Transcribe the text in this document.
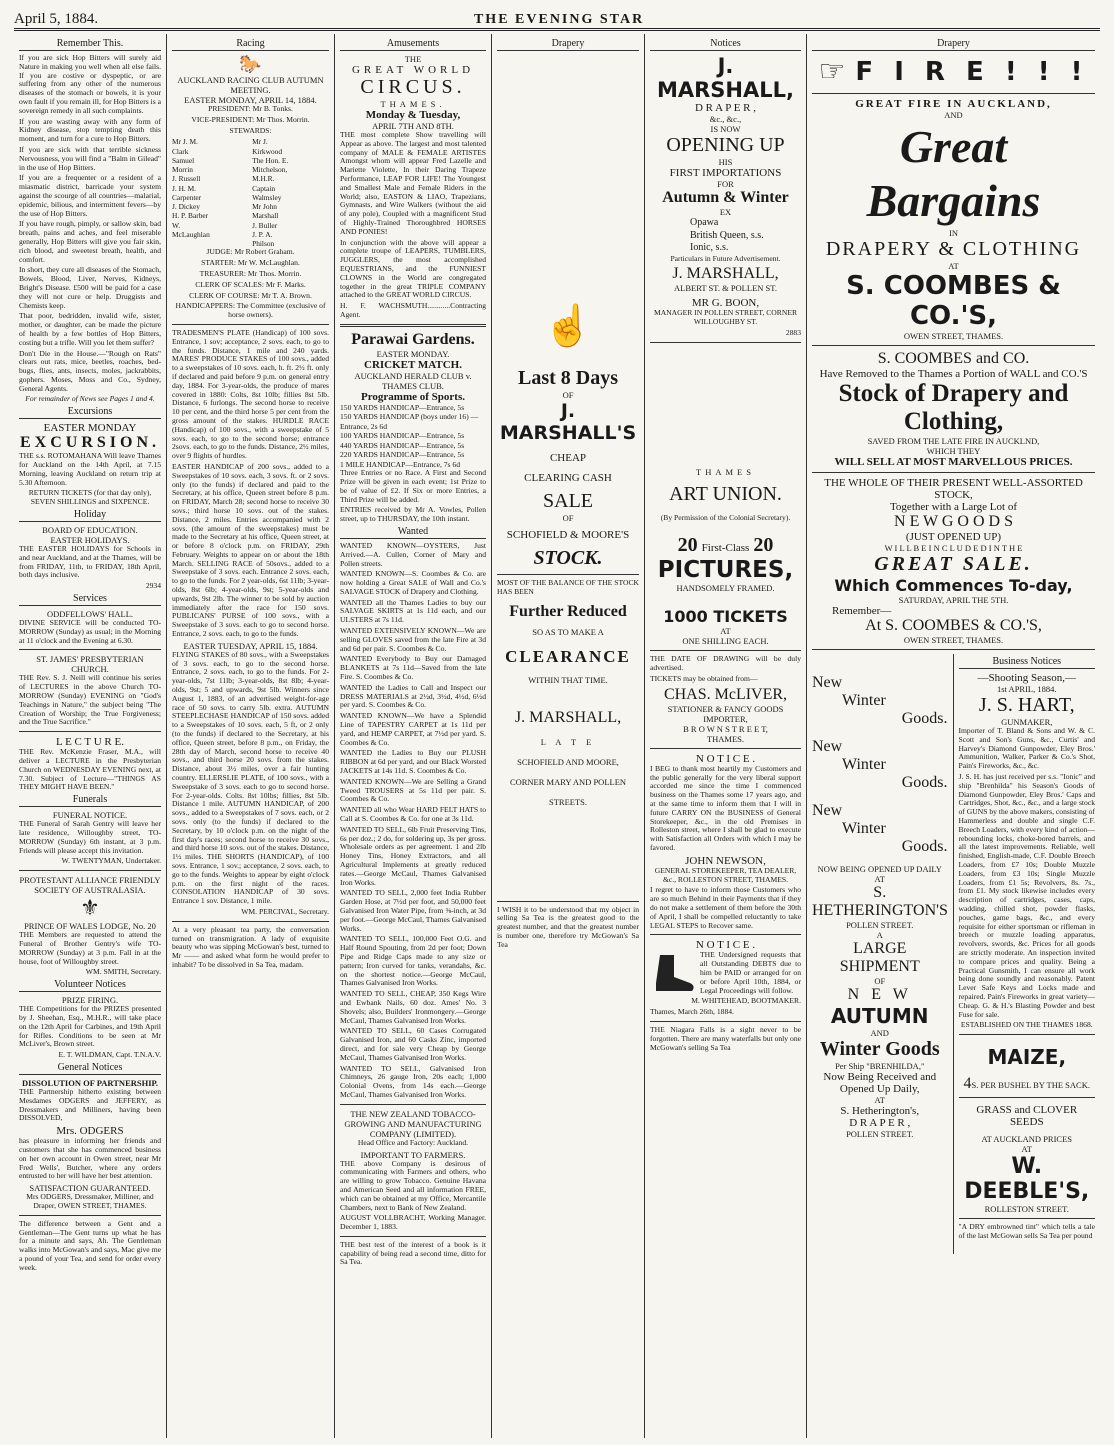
April 5, 1884.	THE EVENING STAR
Remember This.

If you are sick Hop Bitters will surely aid Nature in making you well when all else fails. If you are costive or dyspeptic, or are suffering from any other of the numerous diseases of the stomach or bowels, it is your own fault if you remain ill, for Hop Bitters is a sovereign remedy in all such complaints.

If you are wasting away with any form of Kidney disease, stop tempting death this moment, and turn for a cure to Hop Bitters.

If you are sick with that terrible sickness Nervousness, you will find a "Balm in Gilead" in the use of Hop Bitters.

If you are a frequenter or a resident of a miasmatic district, barricade your system against the scourge of all countries—malarial, epidemic, bilious, and intermittent fevers—by the use of Hop Bitters.

If you have rough, pimply, or sallow skin, bad breath, pains and aches, and feel miserable generally, Hop Bitters will give you fair skin, rich blood, and sweetest breath, health, and comfort.

In short, they cure all diseases of the Stomach, Bowels, Blood, Liver, Nerves, Kidneys, Bright's Disease. £500 will be paid for a case they will not cure or help. Druggists and Chemists keep.

That poor, bedridden, invalid wife, sister, mother, or daughter, can be made the picture of health by a few bottles of Hop Bitters, costing but a trifle. Will you let them suffer?

Don't Die in the House.—"Rough on Rats" clears out rats, mice, beetles, roaches, bed-bugs, flies, ants, insects, moles, jackrabbits, gophers. Moses, Moss and Co., Sydney, General Agents.

For remainder of News see Pages 1 and 4.

Excursions
EASTER MONDAY
EXCURSION.

THE s.s. ROTOMAHANA Will leave Thames for Auckland on the 14th April, at 7.15 Morning, leaving Auckland on return trip at 5.30 Afternoon.

RETURN TICKETS (for that day only), SEVEN SHILLINGS and SIXPENCE.

Holiday
BOARD OF EDUCATION.
EASTER HOLIDAYS.

THE EASTER HOLIDAYS for Schools in and near Auckland, and at the Thames, will be from FRIDAY, 11th, to FRIDAY, 18th April, both days inclusive.

2934

Services
ODDFELLOWS' HALL.

DIVINE SERVICE will be conducted TO-MORROW (Sunday) as usual; in the Morning at 11 o'clock and the Evening at 6.30.

ST. JAMES' PRESBYTERIAN CHURCH.

THE Rev. S. J. Neill will continue his series of LECTURES in the above Church TO-MORROW (Sunday) EVENING on "God's Teachings in Nature," the subject being "The Creation of Worship; the True Forgiveness; and the True Sacrifice."

L E C T U R E.

THE Rev. McKenzie Fraser, M.A., will deliver a LECTURE in the Presbyterian Church on WEDNESDAY EVENING next, at 7.30. Subject of Lecture—"THINGS AS THEY MIGHT HAVE BEEN."

Funerals
FUNERAL NOTICE.

THE Funeral of Sarah Gentry will leave her late residence, Willoughby street, TO-MORROW (Sunday) 6th instant, at 3 p.m. Friends will please accept this invitation.

W. TWENTYMAN, Undertaker.

PROTESTANT ALLIANCE FRIENDLY SOCIETY OF AUSTRALASIA.
⚜
PRINCE OF WALES LODGE, No. 20

THE Members are requested to attend the Funeral of Brother Gentry's wife TO-MORROW (Sunday) at 3 p.m. Fall in at the house, foot of Willoughby street.

WM. SMITH, Secretary.

Volunteer Notices
PRIZE FIRING.

THE Competitions for the PRIZES presented by J. Sheehan, Esq., M.H.R., will take place on the 12th April for Carbines, and 19th April for Rifles. Conditions to be seen at Mr McLiver's, Brown street.

E. T. WILDMAN, Capt. T.N.A.V.

General Notices
DISSOLUTION OF PARTNERSHIP.

THE Partnership hitherto existing between Mesdames ODGERS and JEFFERY, as Dressmakers and Milliners, having been DISSOLVED,

Mrs. ODGERS

has pleasure in informing her friends and customers that she has commenced business on her own account in Owen street, near Mr Fred Wells', Butcher, where any orders entrusted to her will have her best attention.

SATISFACTION GUARANTEED.

Mrs ODGERS, Dressmaker, Milliner, and Draper, OWEN STREET, THAMES.

The difference between a Gent and a Gentleman—The Gent turns up what he has for a minute and says, Ah. The Gentleman walks into McGowan's and says, Mac give me a pound of your Tea, and send for order every week.

Racing
🐎
AUCKLAND RACING CLUB AUTUMN MEETING.
EASTER MONDAY, APRIL 14, 1884.

PRESIDENT: Mr B. Tonks.

VICE-PRESIDENT: Mr Thos. Morrin.

STEWARDS:

Mr J. M. Clark
Samuel Morrin
J. Russell
J. H. M. Carpenter
J. Dickey
H. P. Barber
W. McLaughlan
Mr J. Kirkwood
The Hon. E. Mitchelson, M.H.R.
Captain Walmsley
Mr John Marshall
J. Buller
J. P. A. Philson

JUDGE: Mr Robert Graham.

STARTER: Mr W. McLaughlan.

TREASURER: Mr Thos. Morrin.

CLERK OF SCALES: Mr F. Marks.

CLERK OF COURSE: Mr T. A. Brown.

HANDICAPPERS: The Committee (exclusive of horse owners).

TRADESMEN'S PLATE (Handicap) of 100 sovs. Entrance, 1 sov; acceptance, 2 sovs. each, to go to the funds. Distance, 1 mile and 240 yards. MARES' PRODUCE STAKES of 100 sovs., added to a sweepstakes of 10 sovs. each, h. ft. 2½ ft. only if declared and paid before 9 p.m. on general entry day, 1884. For 3-year-olds, the produce of mares covered in 1880: Colts, 8st 10lb; fillies 8st 5lb. Distance, 6 furlongs. The second horse to receive 10 per cent, and the third horse 5 per cent from the gross amount of the stakes. HURDLE RACE (Handicap) of 100 sovs., with a sweepstake of 5 sovs. each, to go to the second horse; entrance 2sovs. each, to go to the funds. Distance, 2½ miles, over 9 flights of hurdles.

EASTER HANDICAP of 200 sovs., added to a Sweepstakes of 10 sovs. each, 3 sovs. ft. or 2 sovs. only (to the funds) if declared and paid to the Secretary, at his office, Queen street before 8 p.m. on FRIDAY, March 28; second horse to receive 30 sovs.; third horse 10 sovs. out of the stakes. Distance, 2 miles. Entries accompanied with 2 sovs. (the amount of the sweepstakes) must be made to the Secretary at his office, Queen street, at or before 8 o'clock p.m. on FRIDAY, 29th February. Weights to appear on or about the 18th March. SELLING RACE of 50sovs., added to a Sweepstake of 3 sovs. each. Entrance 2 sovs. each, to go to the funds. For 2 year-olds, 6st 11lb; 3-year-olds, 8st 6lb; 4-year-olds, 9st; 5-year-olds and upwards, 9st 2lb. The winner to be sold by auction immediately after the race for 150 sovs. PUBLICANS' PURSE of 100 sovs., with a Sweepstake of 3 sovs. each to go to second horse. Entrance, 2 sovs. each, to go to the funds.

EASTER TUESDAY, APRIL 15, 1884.

FLYING STAKES of 80 sovs., with a Sweepstakes of 3 sovs. each, to go to the second horse. Entrance, 2 sovs. each, to go to the funds. For 2-year-olds, 7st 11lb; 3-year-olds, 8st 8lb; 4-year-olds, 9st; 5 and upwards, 9st 5lb. Winners since August 1, 1883, of an advertised weight-for-age race of 50 sovs. to carry 5lb. extra. AUTUMN STEEPLECHASE HANDICAP of 150 sovs. added to a Sweepstakes of 10 sovs. each, 5 ft, or 2 only (to the funds) if declared to the Secretary, at his office, Queen street, before 8 p.m., on Friday, the 28th day of March, second horse to receive 40 sovs., and third horse 20 sovs. from the stakes. Distance, about 3½ miles, over a fair hunting country. ELLERSLIE PLATE, of 100 sovs., with a Sweepstake of 3 sovs. each to go to second horse. For 2-year-olds. Colts. 8st 10lbs; fillies, 8st 5lb. Distance 1 mile. AUTUMN HANDICAP, of 200 sovs., added to a Sweepstakes of 7 sovs. each, or 2 sovs. only (to the funds) if declared to the Secretary, by 10 o'clock p.m. on the night of the first day's races; second horse to receive 30 sovs., and third horse 10 sovs. out of the stakes. Distance, 1½ miles. THE SHORTS (HANDICAP), of 100 sovs. Entrance, 1 sov.; acceptance, 2 sovs. each, to go to the funds. Weights to appear by eight o'clock p.m. on the first night of the races. CONSOLATION HANDICAP of 30 sovs. Entrance 1 sov. Distance, 1 mile.

WM. PERCIVAL, Secretary.

At a very pleasant tea party, the conversation turned on transmigration. A lady of exquisite beauty who was sipping McGowan's best, turned to Mr —— and asked what form he would prefer to inhabit? To be dissolved in Sa Tea, madam.

Amusements
THE
GREAT WORLD
CIRCUS.
THAMES.
Monday & Tuesday,
APRIL 7TH AND 8TH.

THE most complete Show travelling will Appear as above. The largest and most talented company of MALE & FEMALE ARTISTES Amongst whom will appear Fred Lazelle and Mariette Violette, In their Daring Trapeze Performance, LEAP FOR LIFE! The Youngest and Smallest Male and Female Riders in the World; also, EASTON & LIAO, Trapezians, Gymnasts, and Wire Walkers (without the aid of any pole), Coupled with a magnificent Stud of Highly-Trained Thoroughbred HORSES AND PONIES!

In conjunction with the above will appear a complete troupe of LEAPERS, TUMBLERS, JUGGLERS, the most accomplished EQUESTRIANS, and the FUNNIEST CLOWNS in the World are congregated together in the great TRIPLE COMPANY attached to the GREAT WORLD CIRCUS.

H. F. WACHSMUTH............Contracting Agent.

Parawai Gardens.
EASTER MONDAY.
CRICKET MATCH.
AUCKLAND HERALD CLUB v. THAMES CLUB.
Programme of Sports.
150 YARDS HANDICAP—Entrance, 5s
150 YARDS HANDICAP (boys under 16) —Entrance, 2s 6d
100 YARDS HANDICAP—Entrance, 5s
440 YARDS HANDICAP—Entrance, 5s
220 YARDS HANDICAP—Entrance, 5s
1 MILE HANDICAP—Entrance, 7s 6d

Three Entries or no Race. A First and Second Prize will be given in each event; 1st Prize to be of value of £2. If Six or more Entries, a Third Prize will be added.

ENTRIES received by Mr A. Vowles, Pollen street, up to THURSDAY, the 10th instant.

Wanted

WANTED KNOWN—OYSTERS, Just Arrived.—A. Cullen, Corner of Mary and Pollen streets.

WANTED KNOWN—S. Coombes & Co. are now holding a Great SALE of Wall and Co.'s SALVAGE STOCK of Drapery and Clothing.

WANTED all the Thames Ladies to buy our SALVAGE SKIRTS at 1s 11d each, and our ULSTERS at 7s 11d.

WANTED EXTENSIVELY KNOWN—We are selling GLOVES saved from the late Fire at 3d and 6d per pair. S. Coombes & Co.

WANTED Everybody to Buy our Damaged BLANKETS at 7s 11d—Saved from the late Fire. S. Coombes & Co.

WANTED the Ladies to Call and Inspect our DRESS MATERIALS at 2½d, 3½d, 4½d, 6½d per yard. S. Coombes & Co.

WANTED KNOWN—We have a Splendid Line of TAPESTRY CARPET at 1s 11d per yard, and HEMP CARPET, at 7½d per yard. S. Coombes & Co.

WANTED the Ladies to Buy our PLUSH RIBBON at 6d per yard, and our Black Worsted JACKETS at 14s 11d. S. Coombes & Co.

WANTED KNOWN—We are Selling a Grand Tweed TROUSERS at 5s 11d per pair. S. Coombes & Co.

WANTED all who Wear HARD FELT HATS to Call at S. Coombes & Co. for one at 3s 11d.

WANTED TO SELL, 6lb Fruit Preserving Tins, 6s per doz.; 2 do, for soldering up, 3s per gross. Wholesale orders as per agreement. 1 and 2lb Honey Tins, Honey Extractors, and all Agricultural Implements at greatly reduced rates.—George McCaul, Thames Galvanised Iron Works.

WANTED TO SELL, 2,000 feet India Rubber Garden Hose, at 7½d per foot, and 50,000 feet Galvanised Iron Water Pipe, from ⅜-inch, at 3d per foot.—George McCaul, Thames Galvanised Works.

WANTED TO SELL, 100,000 Feet O.G. and Half Round Spouting, from 2d per foot; Down Pipe and Ridge Caps made to any size or pattern; Iron curved for tanks, verandahs, &c. on the shortest notice.—George McCaul, Thames Galvanised Iron Works.

WANTED TO SELL, CHEAP, 350 Kegs Wire and Ewbank Nails, 60 doz. Ames' No. 3 Shovels; also, Builders' Ironmongery.—George McCaul, Thames Galvanised Iron Works.

WANTED TO SELL, 60 Cases Corrugated Galvanised Iron, and 60 Casks Zinc, imported direct, and for sale very Cheap by George McCaul, Thames Galvanised Iron Works.

WANTED TO SELL, Galvanised Iron Chimneys, 26 gauge Iron, 20s each; 1,000 Colonial Ovens, from 14s each.—George McCaul, Thames Galvanised Iron Works.

THE NEW ZEALAND TOBACCO-GROWING AND MANUFACTURING COMPANY (LIMITED).

Head Office and Factory: Auckland.

IMPORTANT TO FARMERS.

THE above Company is desirous of communicating with Farmers and others, who are willing to grow Tobacco. Genuine Havana and American Seed and all information FREE, which can be obtained at my Office, Mercantile Chambers, next to Bank of New Zealand.

AUGUST VOLLBRACHT, Working Manager. December 1, 1883.

THE best test of the interest of a book is it capability of being read a second time, ditto for Sa Tea.

Drapery
☝
Last 8 Days
OF
J. MARSHALL'S
CHEAP
CLEARING CASH
SALE
OF
SCHOFIELD & MOORE'S
STOCK.

MOST OF THE BALANCE OF THE STOCK HAS BEEN

Further Reduced
SO AS TO MAKE A
CLEARANCE
WITHIN THAT TIME.
J. MARSHALL,
L A T E
SCHOFIELD AND MOORE,
CORNER MARY AND POLLEN
STREETS.

I WISH it to be understood that my object in selling Sa Tea is the greatest good to the greatest number, and that the greatest number is number one, therefore try McGowan's Sa Tea

Notices
J. MARSHALL,
D R A P E R ,
&c., &c.,
IS NOW
OPENING UP
HIS
FIRST IMPORTATIONS
FOR
Autumn & Winter
EX
Opawa
British Queen, s.s.
Ionic, s.s.

Particulars in Future Advertisement.

J. MARSHALL,
ALBERT ST. & POLLEN ST.
MR G. BOON,

MANAGER IN POLLEN STREET, CORNER WILLOUGHBY ST.

2883

THAMES
ART UNION.

(By Permission of the Colonial Secretary).

20 First-Class 20
PICTURES,
HANDSOMELY FRAMED.
1000 TICKETS
AT
ONE SHILLING EACH.

THE DATE OF DRAWING will be duly advertised.

TICKETS may be obtained from—

CHAS. McLIVER,
STATIONER & FANCY GOODS
IMPORTER,
B R O W N S T R E E T,
THAMES.
N O T I C E .

I BEG to thank most heartily my Customers and the public generally for the very liberal support accorded me since the time I commenced business on the Thames some 17 years ago, and at the same time to inform them that I will in future CARRY ON the BUSINESS of General Storekeeper, &c., in the old Premises in Rolleston street, where I shall be glad to execute with Satisfaction all Orders with which I may be favored.

JOHN NEWSON,

GENERAL STOREKEEPER, TEA DEALER, &c., ROLLESTON STREET, THAMES.

I regret to have to inform those Customers who are so much Behind in their Payments that if they do not make a settlement of them before the 30th of April, I shall be compelled reluctantly to take LEGAL STEPS to Recover same.

N O T I C E .

THE Undersigned requests that all Outstanding DEBTS due to him be PAID or arranged for on or before April 10th, 1884, or Legal Proceedings will follow.

M. WHITEHEAD, BOOTMAKER.

Thames, March 26th, 1884.

THE Niagara Falls is a sight never to be forgotten. There are many waterfalls but only one McGowan's selling Sa Tea

Drapery
☞ F I R E ! ! !
GREAT FIRE IN AUCKLAND,
AND
Great Bargains
IN
DRAPERY & CLOTHING
AT
S. COOMBES & CO.'S,
OWEN STREET, THAMES.
S. COOMBES and CO.
Have Removed to the Thames a Portion of WALL and CO.'S
Stock of Drapery and Clothing,
SAVED FROM THE LATE FIRE IN AUCKLND,
WHICH THEY
WILL SELL AT MOST MARVELLOUS PRICES.
THE WHOLE OF THEIR PRESENT WELL-ASSORTED STOCK,
Together with a Large Lot of
N E W G O O D S
(JUST OPENED UP)
W I L L B E I N C L U D E D I N T H E
GREAT SALE.
Which Commences To-day,
SATURDAY, APRIL THE 5TH.
Remember—
At S. COOMBES & CO.'S,
OWEN STREET, THAMES.
New
Winter
Goods.
New
Winter
Goods.
New
Winter
Goods.
NOW BEING OPENED UP DAILY
AT
S. HETHERINGTON'S
POLLEN STREET.
A
LARGE SHIPMENT
OF
N E W
AUTUMN
AND
Winter Goods
Per Ship "BRENHILDA,"
Now Being Received and Opened Up Daily,
AT
S. Hetherington's,
D R A P E R ,
POLLEN STREET.
Business Notices
—Shooting Season,—
1st APRIL, 1884.
J. S. HART,
GUNMAKER,

Importer of T. Bland & Sons and W. & C. Scott and Son's Guns, &c., Curtis' and Harvey's Diamond Gunpowder, Eley Bros.' Ammunition, Walker, Parker & Co.'s Shot, Pain's Fireworks, &c., &c.

J. S. H. has just received per s.s. "Ionic" and ship "Brenhilda" his Season's Goods of Diamond Gunpowder, Eley Bros.' Caps and Cartridges, Shot, &c., &c., and a large stock of GUNS by the above makers, consisting of Hammerless and double and single C.F. Breech Loaders, with every kind of action—rebounding locks, choke-bored barrels, and all the latest improvements. Reliable, well finished, English-made, C.F. Double Breech Loaders, from £7 10s; Double Muzzle Loaders, from £3 10s; Single Muzzle Loaders, from £1 5s; Revolvers, 8s. 7s., from £1. My stock likewise includes every description of cartridges, cases, caps, wadding, chilled shot, powder flasks, pouches, game bags, &c., and every requisite for either sportsman or rifleman in breech or muzzle loading apparatus, revolvers, swords, &c. Prices for all goods are strictly moderate. An inspection invited to compare prices and quality. Being a Practical Gunsmith, I can ensure all work being done soundly and reasonably. Patent Lever Safe Keys and Locks made and repaired. Pain's Fireworks in great variety—Cheap. G. & H.'s Blasting Powder and best Fuse for sale.

ESTABLISHED ON THE THAMES 1868.

MAIZE,
4S. PER BUSHEL BY THE SACK.
GRASS and CLOVER
SEEDS
AT AUCKLAND PRICES
AT
W. DEEBLE'S,
ROLLESTON STREET.

"A DRY embrowned tint" which tells a tale of the last McGowan sells Sa Tea per pound
